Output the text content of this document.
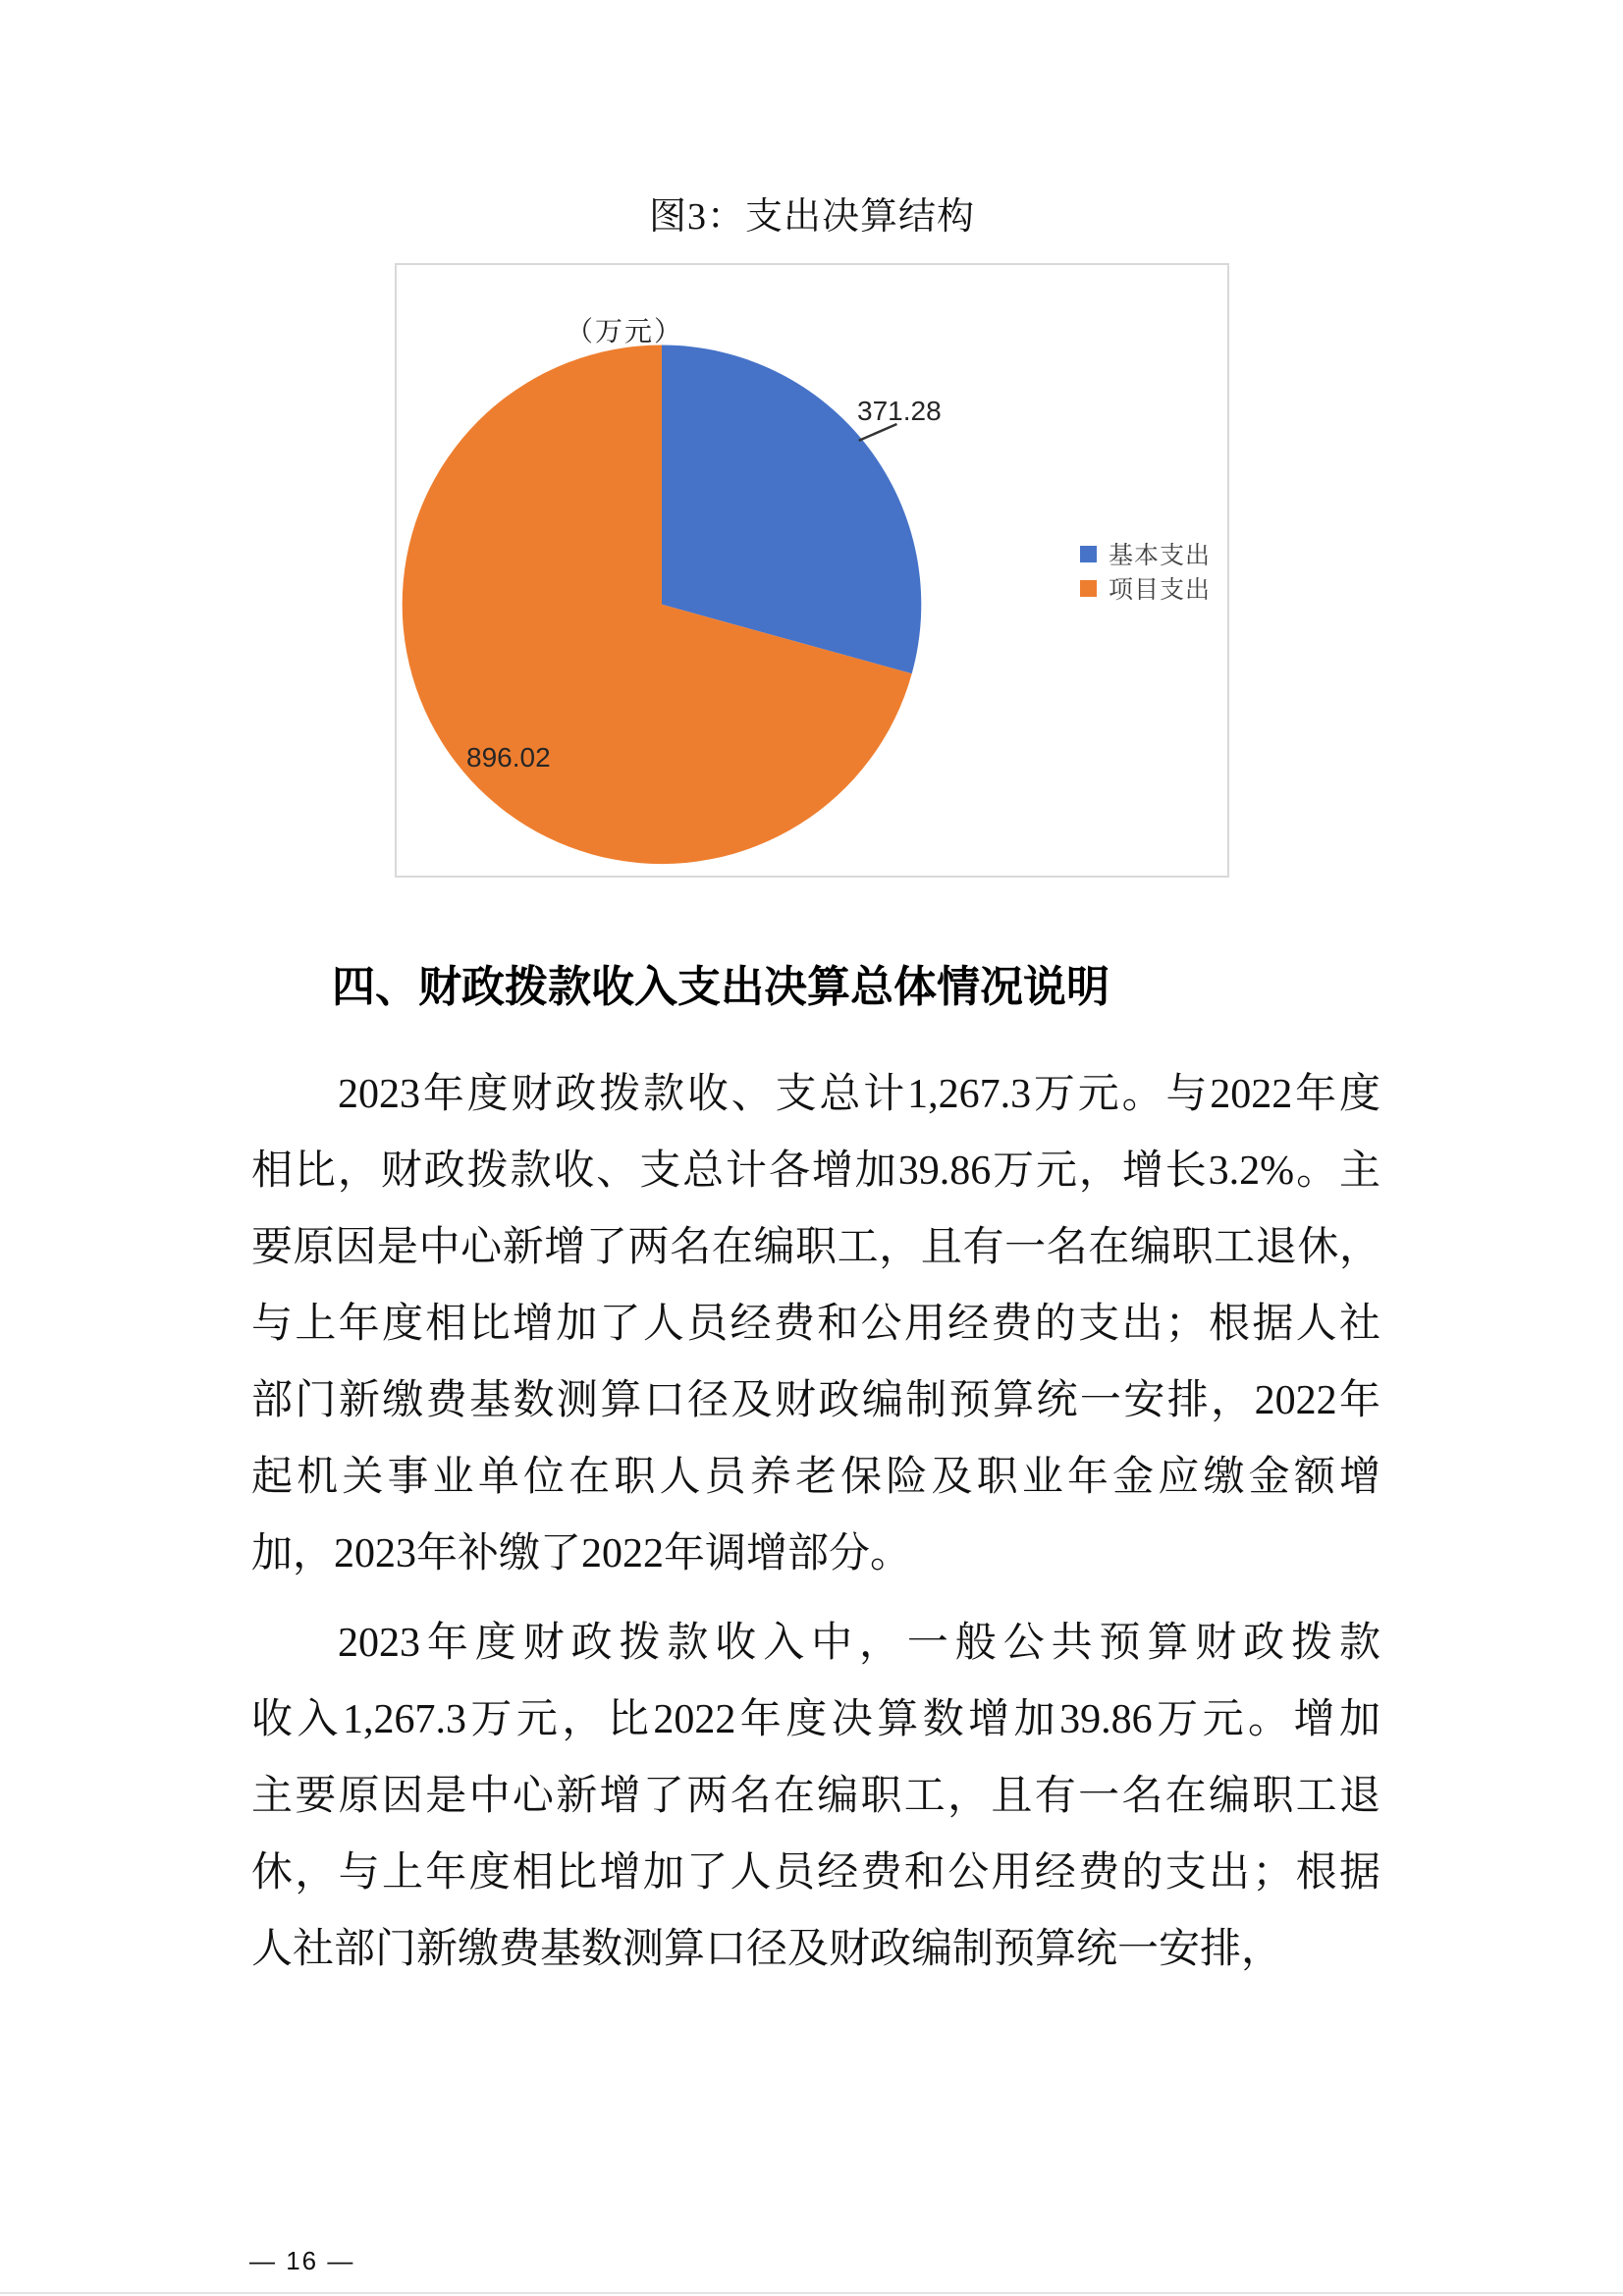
图3：支出决算结构
（万元）
371.28
896.02
基本支出
项目支出
四、财政拨款收入支出决算总体情况说明
2023年度财政拨款收、支总计1,267.3万元。与2022年度
相比，财政拨款收、支总计各增加39.86万元，增长3.2%。主
要原因是中心新增了两名在编职工，且有一名在编职工退休，
与上年度相比增加了人员经费和公用经费的支出；根据人社
部门新缴费基数测算口径及财政编制预算统一安排，2022年
起机关事业单位在职人员养老保险及职业年金应缴金额增
加，2023年补缴了2022年调增部分。
2023年度财政拨款收入中，一般公共预算财政拨款
收入1,267.3万元，比2022年度决算数增加39.86万元。增加
主要原因是中心新增了两名在编职工，且有一名在编职工退
休，与上年度相比增加了人员经费和公用经费的支出；根据
人社部门新缴费基数测算口径及财政编制预算统一安排，
— 16 —
